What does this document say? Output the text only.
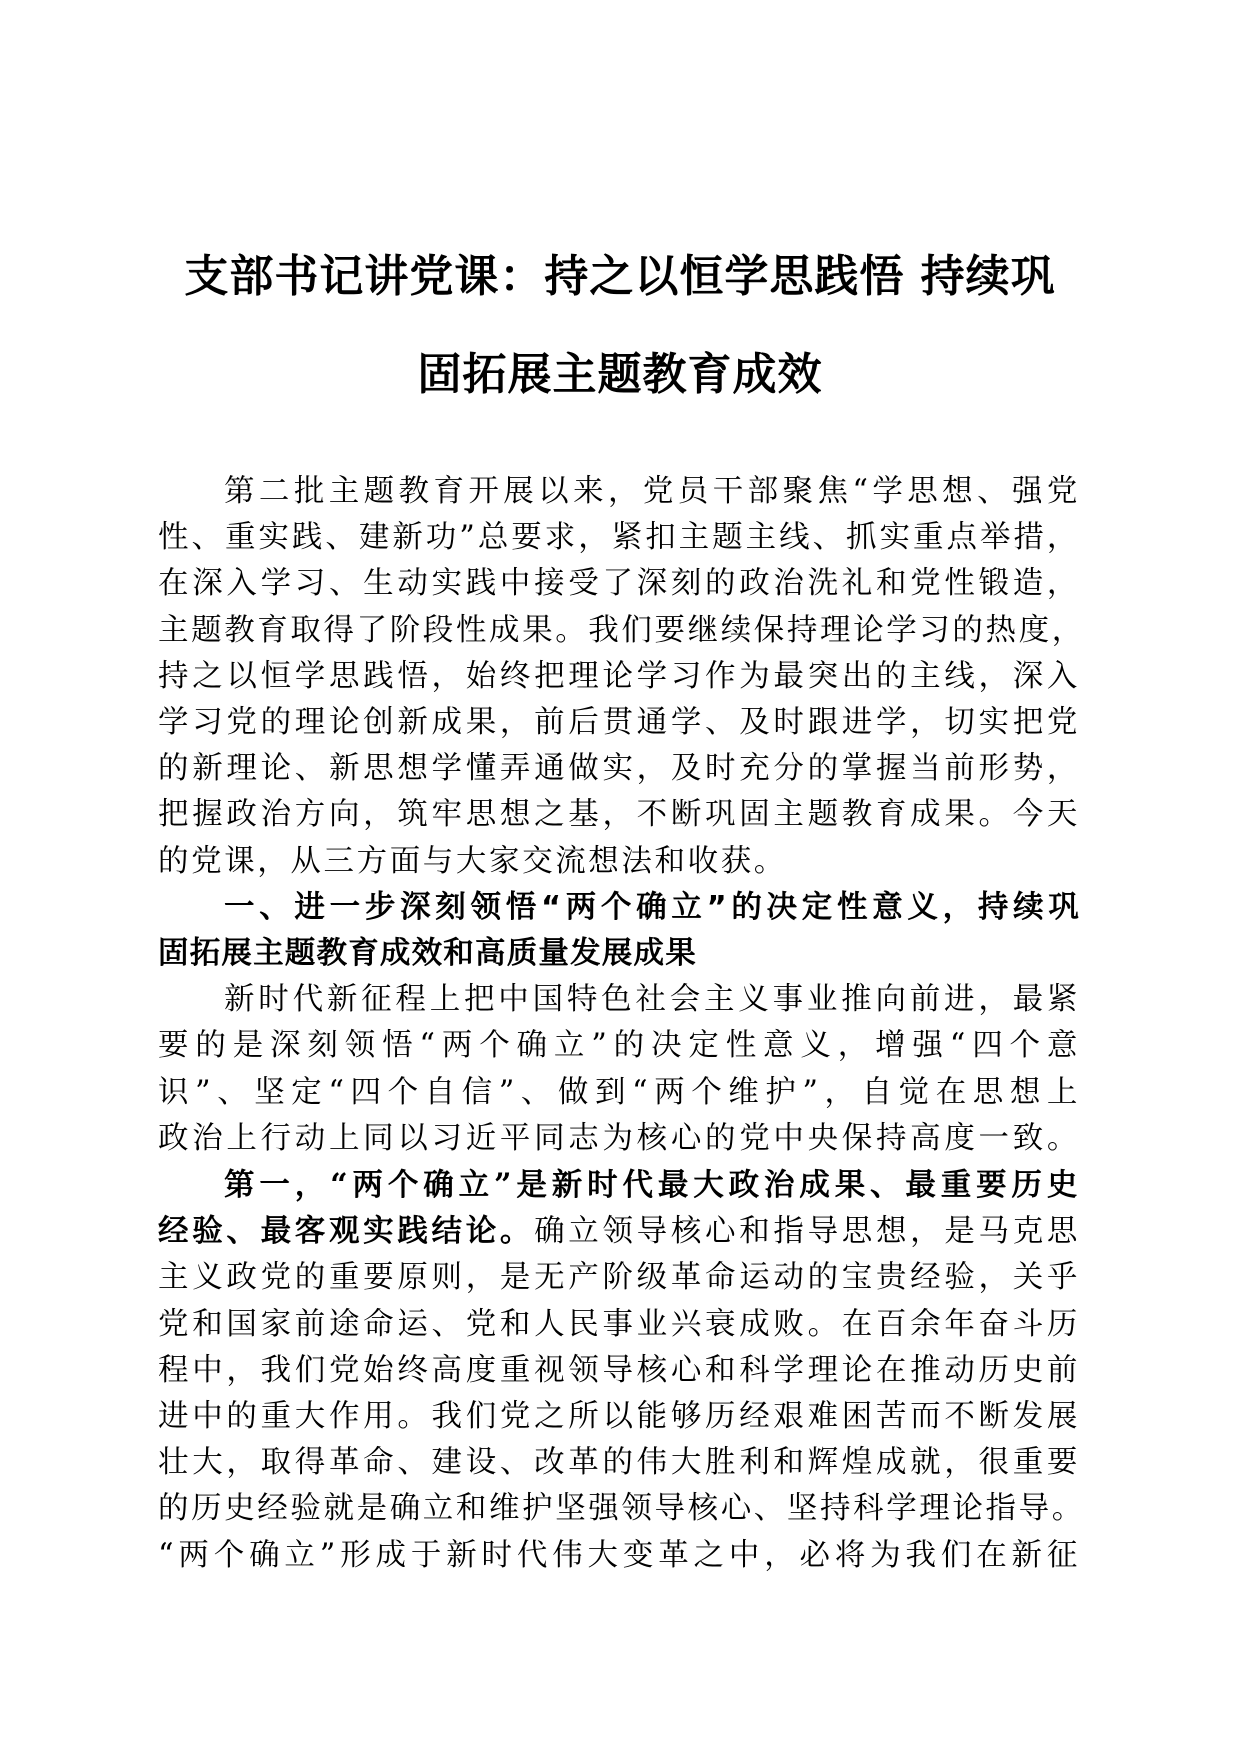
支部书记讲党课：持之以恒学思践悟 持续巩
固拓展主题教育成效

第二批主题教育开展以来，党员干部聚焦“学思想、强党
性、重实践、建新功”总要求，紧扣主题主线、抓实重点举措，
在深入学习、生动实践中接受了深刻的政治洗礼和党性锻造，
主题教育取得了阶段性成果。我们要继续保持理论学习的热度，
持之以恒学思践悟，始终把理论学习作为最突出的主线，深入
学习党的理论创新成果，前后贯通学、及时跟进学，切实把党
的新理论、新思想学懂弄通做实，及时充分的掌握当前形势，
把握政治方向，筑牢思想之基，不断巩固主题教育成果。今天
的党课，从三方面与大家交流想法和收获。

一、进一步深刻领悟“两个确立”的决定性意义，持续巩
固拓展主题教育成效和高质量发展成果

新时代新征程上把中国特色社会主义事业推向前进，最紧
要的是深刻领悟“两个确立”的决定性意义，增强“四个意
识”、坚定“四个自信”、做到“两个维护”，自觉在思想上
政治上行动上同以习近平同志为核心的党中央保持高度一致。

第一，“两个确立”是新时代最大政治成果、最重要历史
经验、最客观实践结论。确立领导核心和指导思想，是马克思
主义政党的重要原则，是无产阶级革命运动的宝贵经验，关乎
党和国家前途命运、党和人民事业兴衰成败。在百余年奋斗历
程中，我们党始终高度重视领导核心和科学理论在推动历史前
进中的重大作用。我们党之所以能够历经艰难困苦而不断发展
壮大，取得革命、建设、改革的伟大胜利和辉煌成就，很重要
的历史经验就是确立和维护坚强领导核心、坚持科学理论指导。
“两个确立”形成于新时代伟大变革之中，必将为我们在新征
